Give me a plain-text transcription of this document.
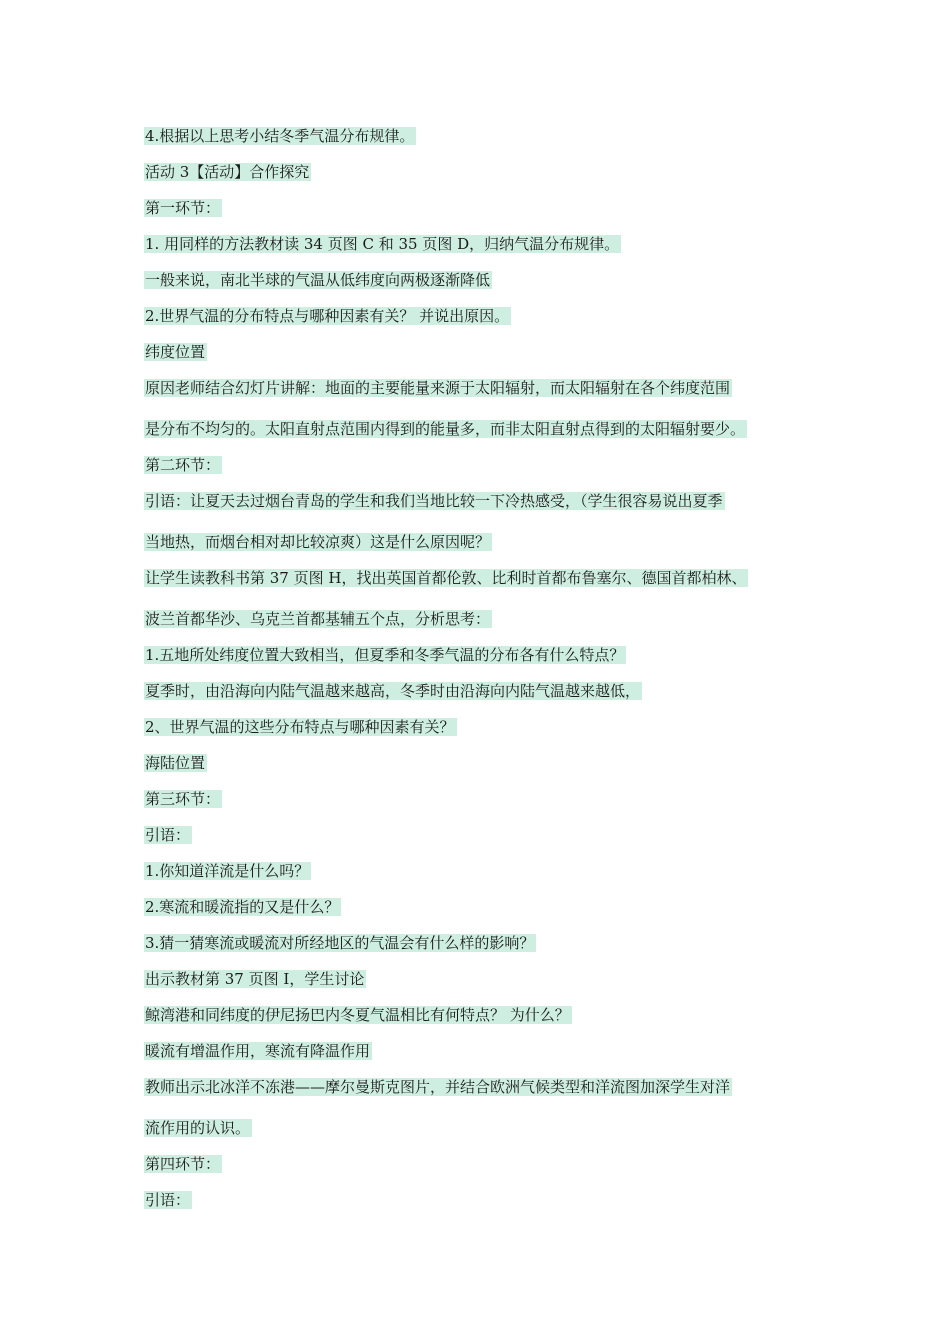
4.根据以上思考小结冬季气温分布规律。
活动 3【活动】合作探究
第一环节：
1. 用同样的方法教材读 34 页图 C 和 35 页图 D，归纳气温分布规律。
一般来说，南北半球的气温从低纬度向两极逐渐降低
2.世界气温的分布特点与哪种因素有关？ 并说出原因。
纬度位置
原因老师结合幻灯片讲解：地面的主要能量来源于太阳辐射，而太阳辐射在各个纬度范围
是分布不均匀的。太阳直射点范围内得到的能量多，而非太阳直射点得到的太阳辐射要少。
第二环节：
引语：让夏天去过烟台青岛的学生和我们当地比较一下冷热感受，（学生很容易说出夏季
当地热，而烟台相对却比较凉爽）这是什么原因呢？
让学生读教科书第 37 页图 H，找出英国首都伦敦、比利时首都布鲁塞尔、德国首都柏林、
波兰首都华沙、乌克兰首都基辅五个点，分析思考：
1.五地所处纬度位置大致相当，但夏季和冬季气温的分布各有什么特点？
夏季时，由沿海向内陆气温越来越高，冬季时由沿海向内陆气温越来越低，
2、世界气温的这些分布特点与哪种因素有关？
海陆位置
第三环节：
引语：
1.你知道洋流是什么吗？
2.寒流和暖流指的又是什么？
3.猜一猜寒流或暖流对所经地区的气温会有什么样的影响？
出示教材第 37 页图 I，学生讨论
鲸湾港和同纬度的伊尼扬巴内冬夏气温相比有何特点？ 为什么？
暖流有增温作用，寒流有降温作用
教师出示北冰洋不冻港——摩尔曼斯克图片，并结合欧洲气候类型和洋流图加深学生对洋
流作用的认识。
第四环节：
引语：
